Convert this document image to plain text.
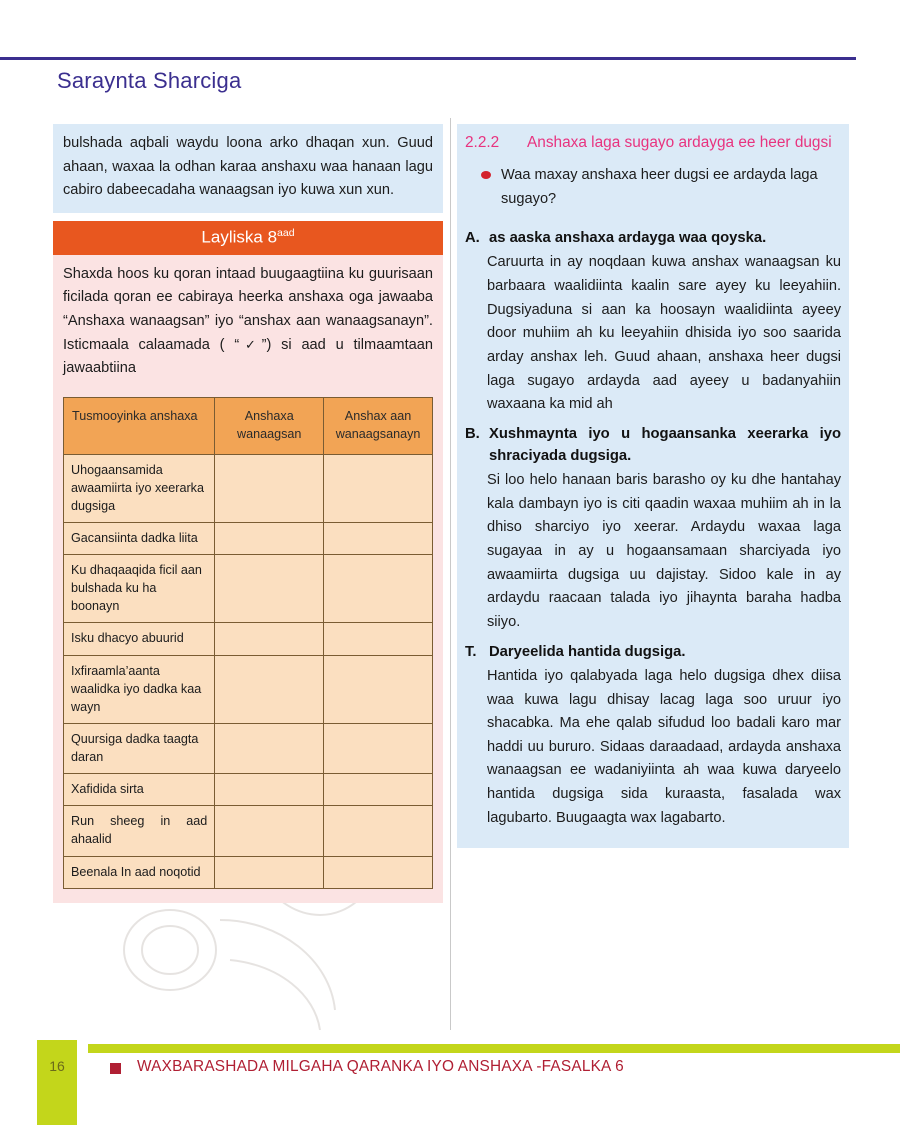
Saraynta Sharciga
bulshada aqbali waydu loona arko dhaqan xun. Guud ahaan, waxaa la odhan karaa anshaxu waa hanaan lagu cabiro dabeecadaha wanaagsan iyo kuwa xun xun.
Layliska $8^{aad}$

Shaxda hoos ku qoran intaad buugaagtiina ku guurisaan ficilada qoran ee cabiraya heerka anshaxa oga jawaaba “Anshaxa wanaagsan” iyo “anshax aan wanaagsanayn”. Isticmaala calaamada ( “✓”) si aad u tilmaamtaan jawaabtiina

Tusmooyinka anshaxa	Anshaxa wanaagsan	Anshax aan wanaagsanayn
Uhogaansamida awaamiirta iyo xeerarka dugsiga		
Gacansiinta dadka liita		
Ku dhaqaaqida ficil aan bulshada ku ha boonayn		
Isku dhacyo abuurid		
Ixfiraamla’aanta waalidka iyo dadka kaa wayn		
Quursiga dadka taagta daran		
Xafidida sirta		
Run sheeg in aad ahaalid		
Beenala In aad noqotid		
2.2.2	Anshaxa laga sugayo ardayga ee heer dugsi
Waa maxay anshaxa heer dugsi ee ardayda laga sugayo?
A. as aaska anshaxa ardayga waa qoyska.
Caruurta in ay noqdaan kuwa anshax wanaagsan ku barbaara waalidiinta kaalin sare ayey ku leeyahiin. Dugsiyaduna si aan ka hoosayn waalidiinta ayeey door muhiim ah ku leeyahiin dhisida iyo soo saarida arday anshax leh. Guud ahaan, anshaxa heer dugsi laga sugayo ardayda aad ayeey u badanyahiin waxaana ka mid ah
B. Xushmaynta iyo u hogaansanka xeerarka iyo shraciyada dugsiga.
Si loo helo hanaan baris barasho oy ku dhe hantahay kala dambayn iyo is citi qaadin waxaa muhiim ah in la dhiso sharciyo iyo xeerar. Ardaydu waxaa laga sugayaa in ay u hogaansamaan sharciyada iyo awaamiirta dugsiga uu dajistay. Sidoo kale in ay ardaydu raacaan talada iyo jihaynta baraha hadba siiyo.
T. Daryeelida hantida dugsiga.
Hantida iyo qalabyada laga helo dugsiga dhex diisa waa kuwa lagu dhisay lacag laga soo uruur iyo shacabka. Ma ehe qalab sifudud loo badali karo mar haddi uu bururo. Sidaas daraadaad, ardayda anshaxa wanaagsan ee wadaniyiinta ah waa kuwa daryeelo hantida dugsiga sida kuraasta, fasalada wax lagubarto. Buugaagta wax lagabarto.
16	WAXBARASHADA MILGAHA QARANKA IYO ANSHAXA -FASALKA 6
